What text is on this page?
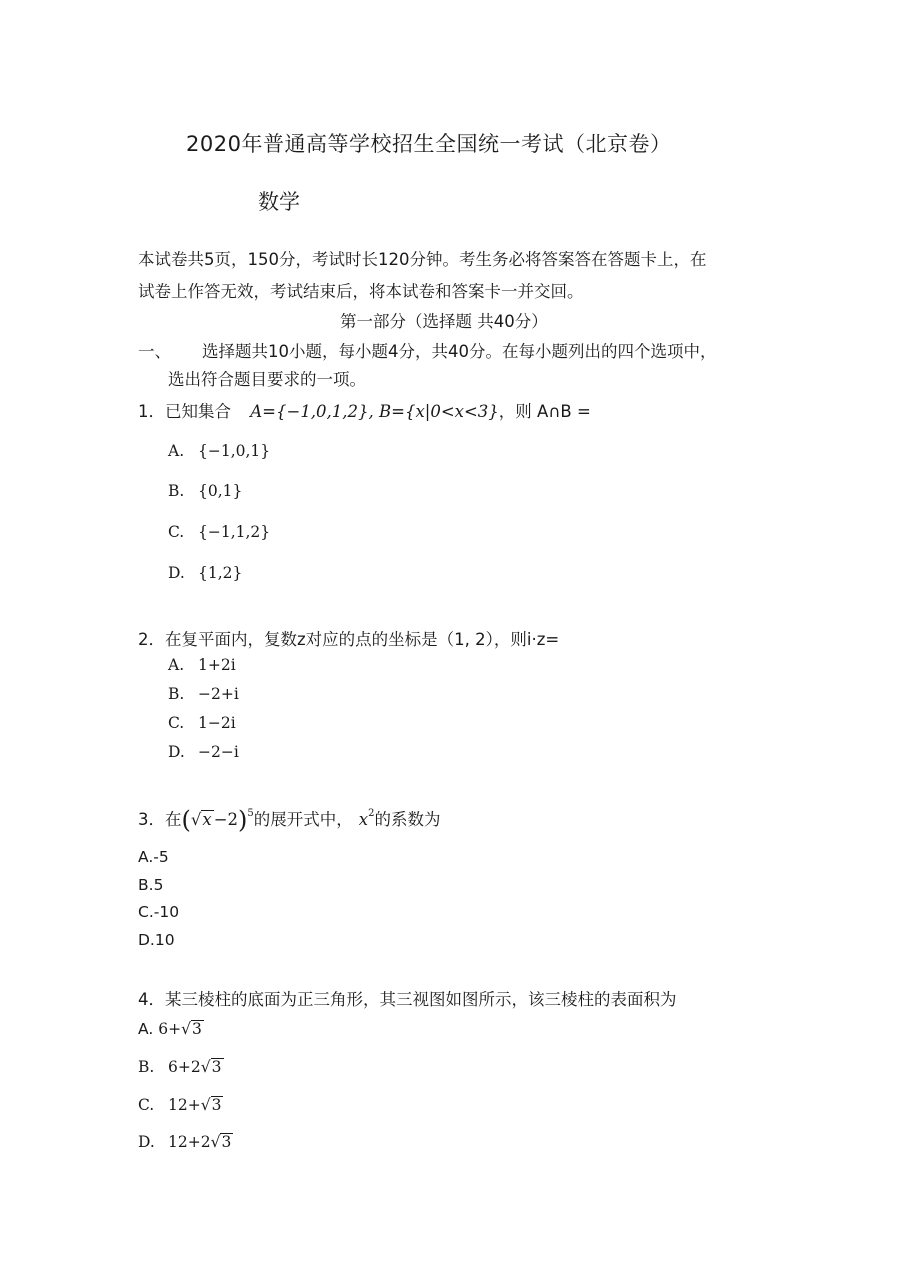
2020年普通高等学校招生全国统一考试（北京卷）
数学
本试卷共5页，150分，考试时长120分钟。考生务必将答案答在答题卡上，在
试卷上作答无效，考试结束后，将本试卷和答案卡一并交回。
第一部分（选择题 共40分）
一、 选择题共10小题，每小题4分，共40分。在每小题列出的四个选项中，
选出符合题目要求的一项。
1．已知集合 A={−1,0,1,2}, B={x|0<x<3}，则 A∩B =
A. {−1,0,1}
B. {0,1}
C. {−1,1,2}
D. {1,2}
2．在复平面内，复数z对应的点的坐标是（1, 2），则i·z=
A. 1+2i
B. −2+i
C. 1−2i
D. −2−i
3．在$(√x -2)^5$的展开式中， $x^2$的系数为
A.-5
B.5
C.-10
D.10
4．某三棱柱的底面为正三角形，其三视图如图所示，该三棱柱的表面积为
A. 6+√3
B. 6+2√3
C. 12+√3
D. 12+2√3
